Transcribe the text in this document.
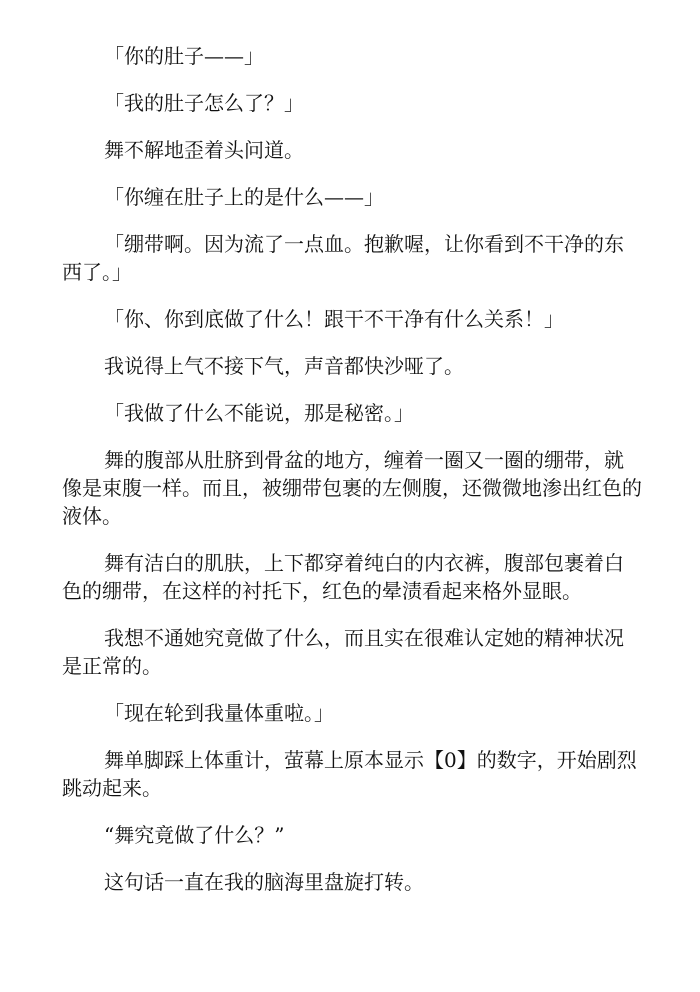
「你的肚子——」

「我的肚子怎么了？」

舞不解地歪着头问道。

「你缠在肚子上的是什么——」

「绷带啊。因为流了一点血。抱歉喔，让你看到不干净的东西了。」

「你、你到底做了什么！跟干不干净有什么关系！」

我说得上气不接下气，声音都快沙哑了。

「我做了什么不能说，那是秘密。」

舞的腹部从肚脐到骨盆的地方，缠着一圈又一圈的绷带，就像是束腹一样。而且，被绷带包裹的左侧腹，还微微地渗出红色的液体。

舞有洁白的肌肤，上下都穿着纯白的内衣裤，腹部包裹着白色的绷带，在这样的衬托下，红色的晕渍看起来格外显眼。

我想不通她究竟做了什么，而且实在很难认定她的精神状况是正常的。

「现在轮到我量体重啦。」

舞单脚踩上体重计，萤幕上原本显示【0】的数字，开始剧烈跳动起来。

“舞究竟做了什么？”

这句话一直在我的脑海里盘旋打转。
